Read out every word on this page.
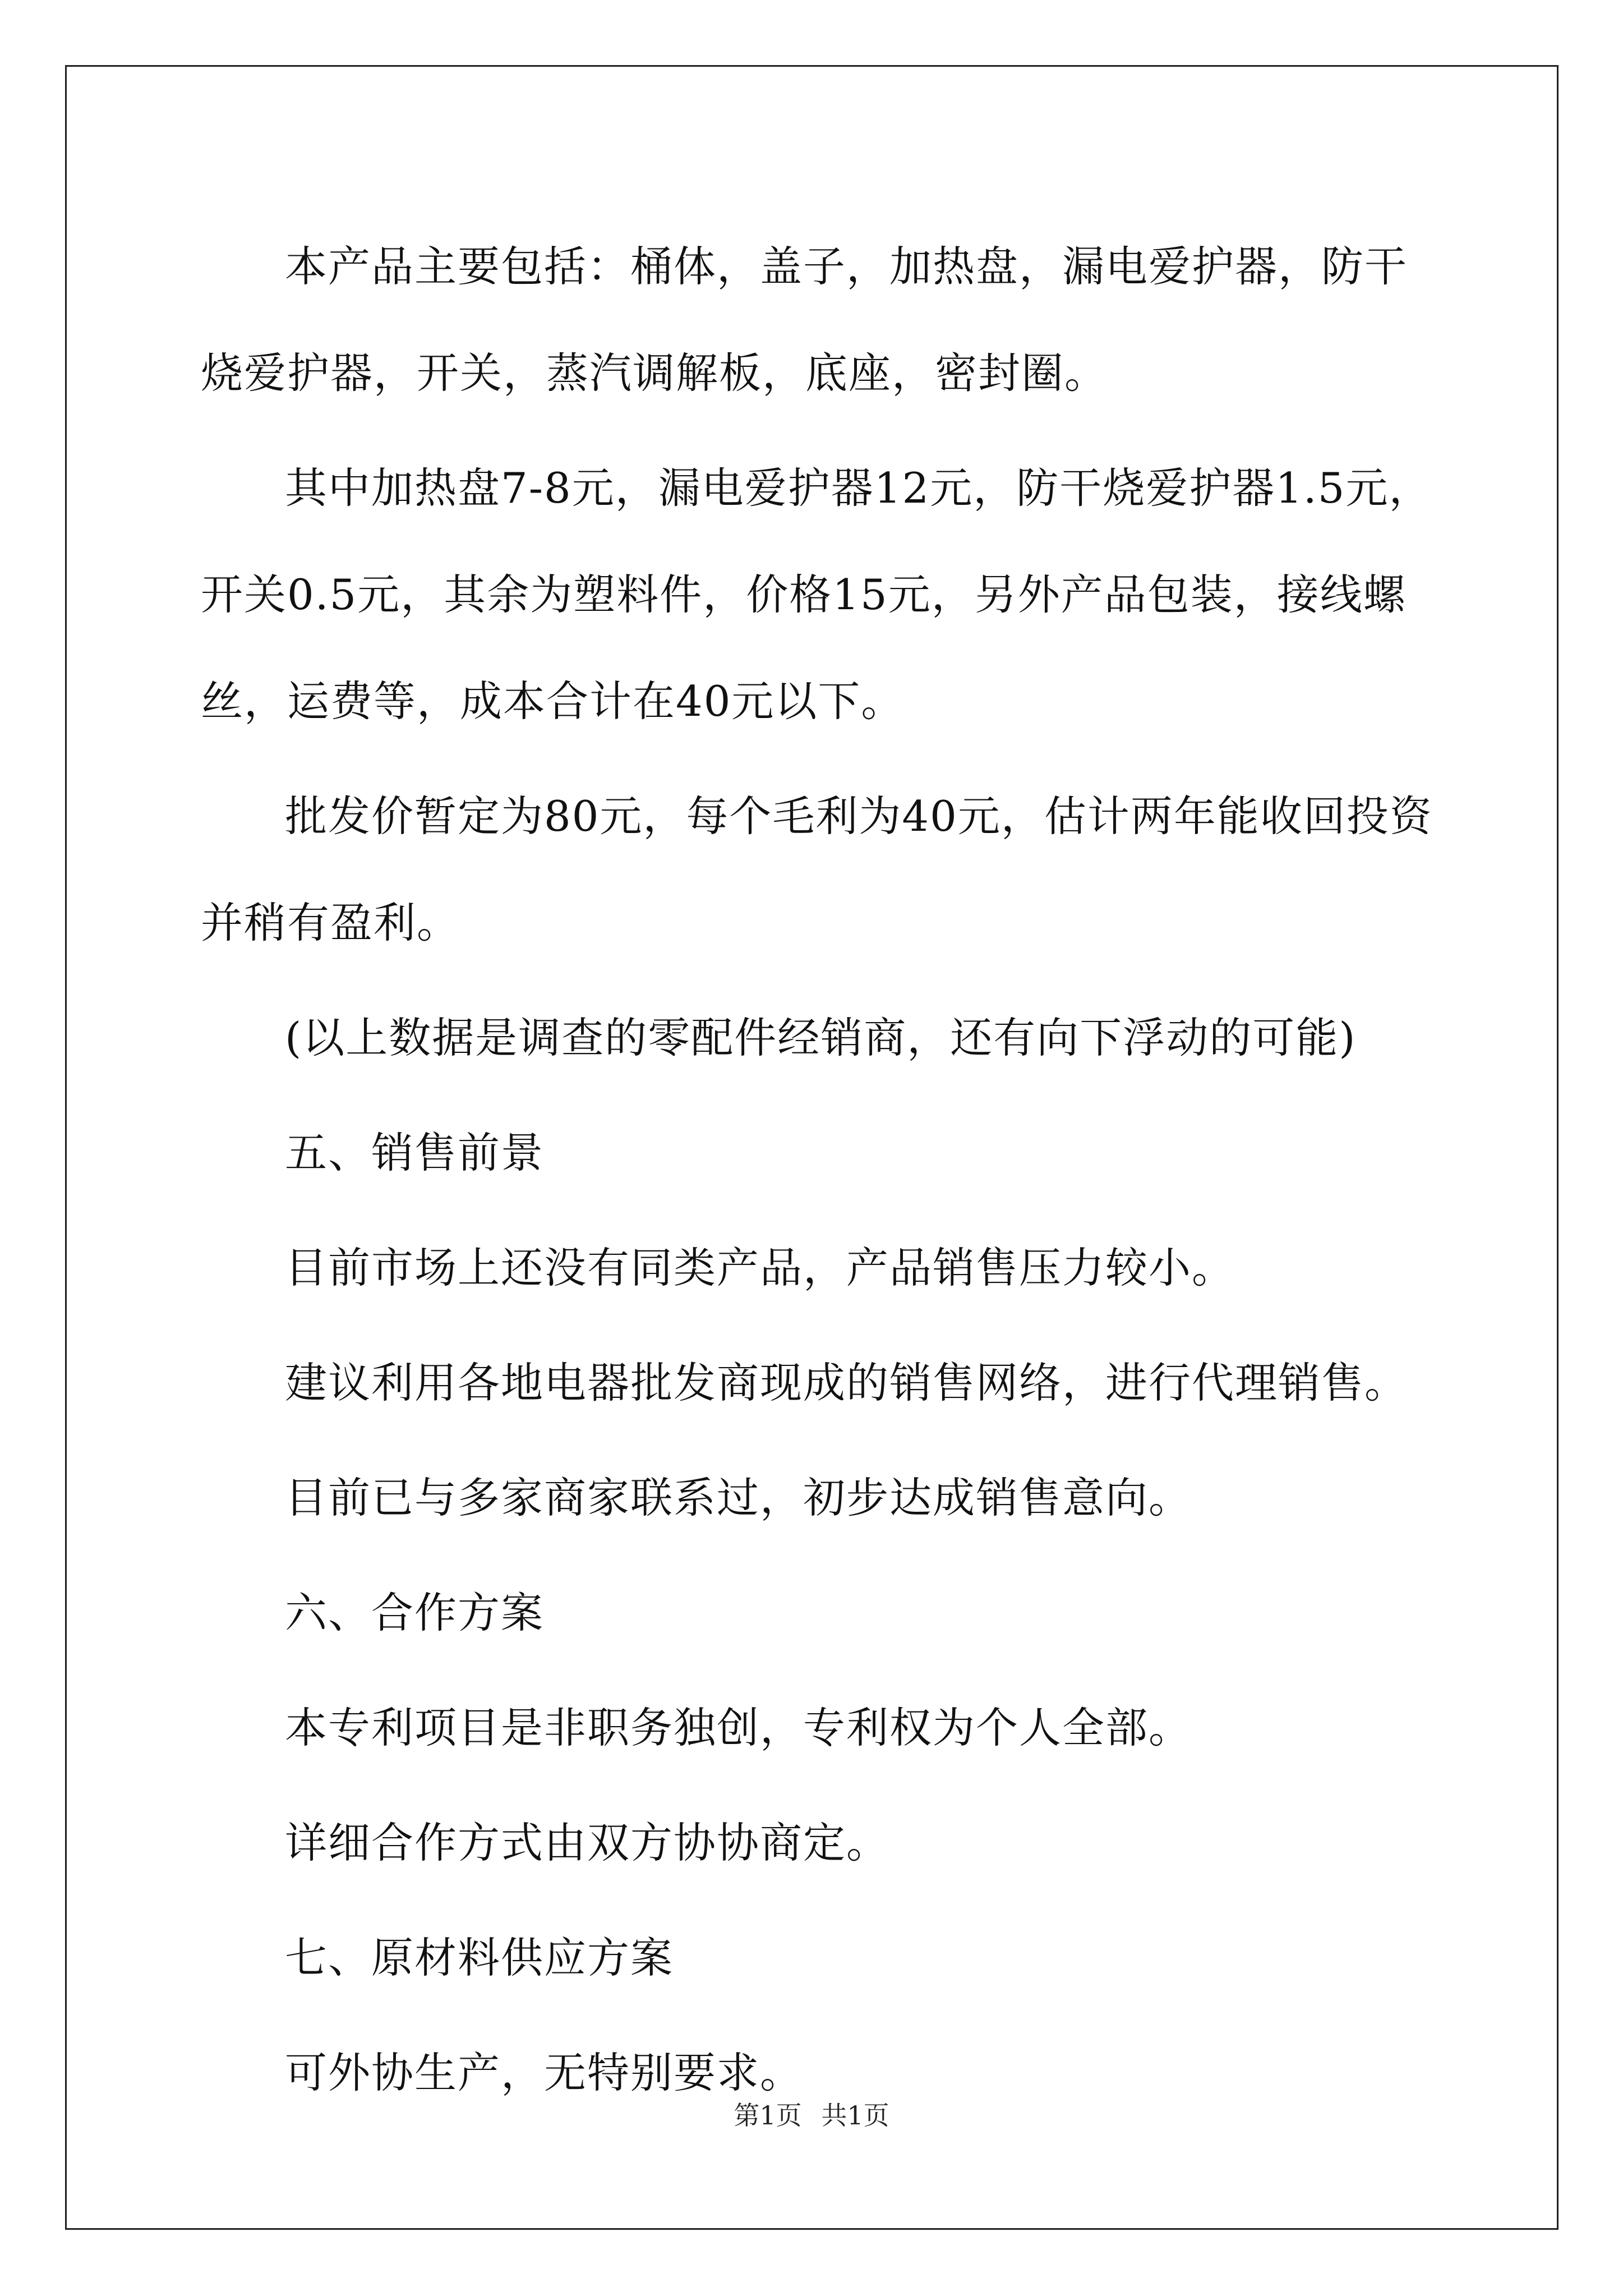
本产品主要包括：桶体，盖子，加热盘，漏电爱护器，防干烧爱护器，开关，蒸汽调解板，底座，密封圈。

其中加热盘7-8元，漏电爱护器12元，防干烧爱护器1.5元，开关0.5元，其余为塑料件，价格15元，另外产品包装，接线螺丝，运费等，成本合计在40元以下。

批发价暂定为80元，每个毛利为40元，估计两年能收回投资并稍有盈利。

(以上数据是调查的零配件经销商，还有向下浮动的可能)

五、销售前景

目前市场上还没有同类产品，产品销售压力较小。

建议利用各地电器批发商现成的销售网络，进行代理销售。

目前已与多家商家联系过，初步达成销售意向。

六、合作方案

本专利项目是非职务独创，专利权为个人全部。

详细合作方式由双方协协商定。

七、原材料供应方案

可外协生产，无特别要求。

第1页 共1页
